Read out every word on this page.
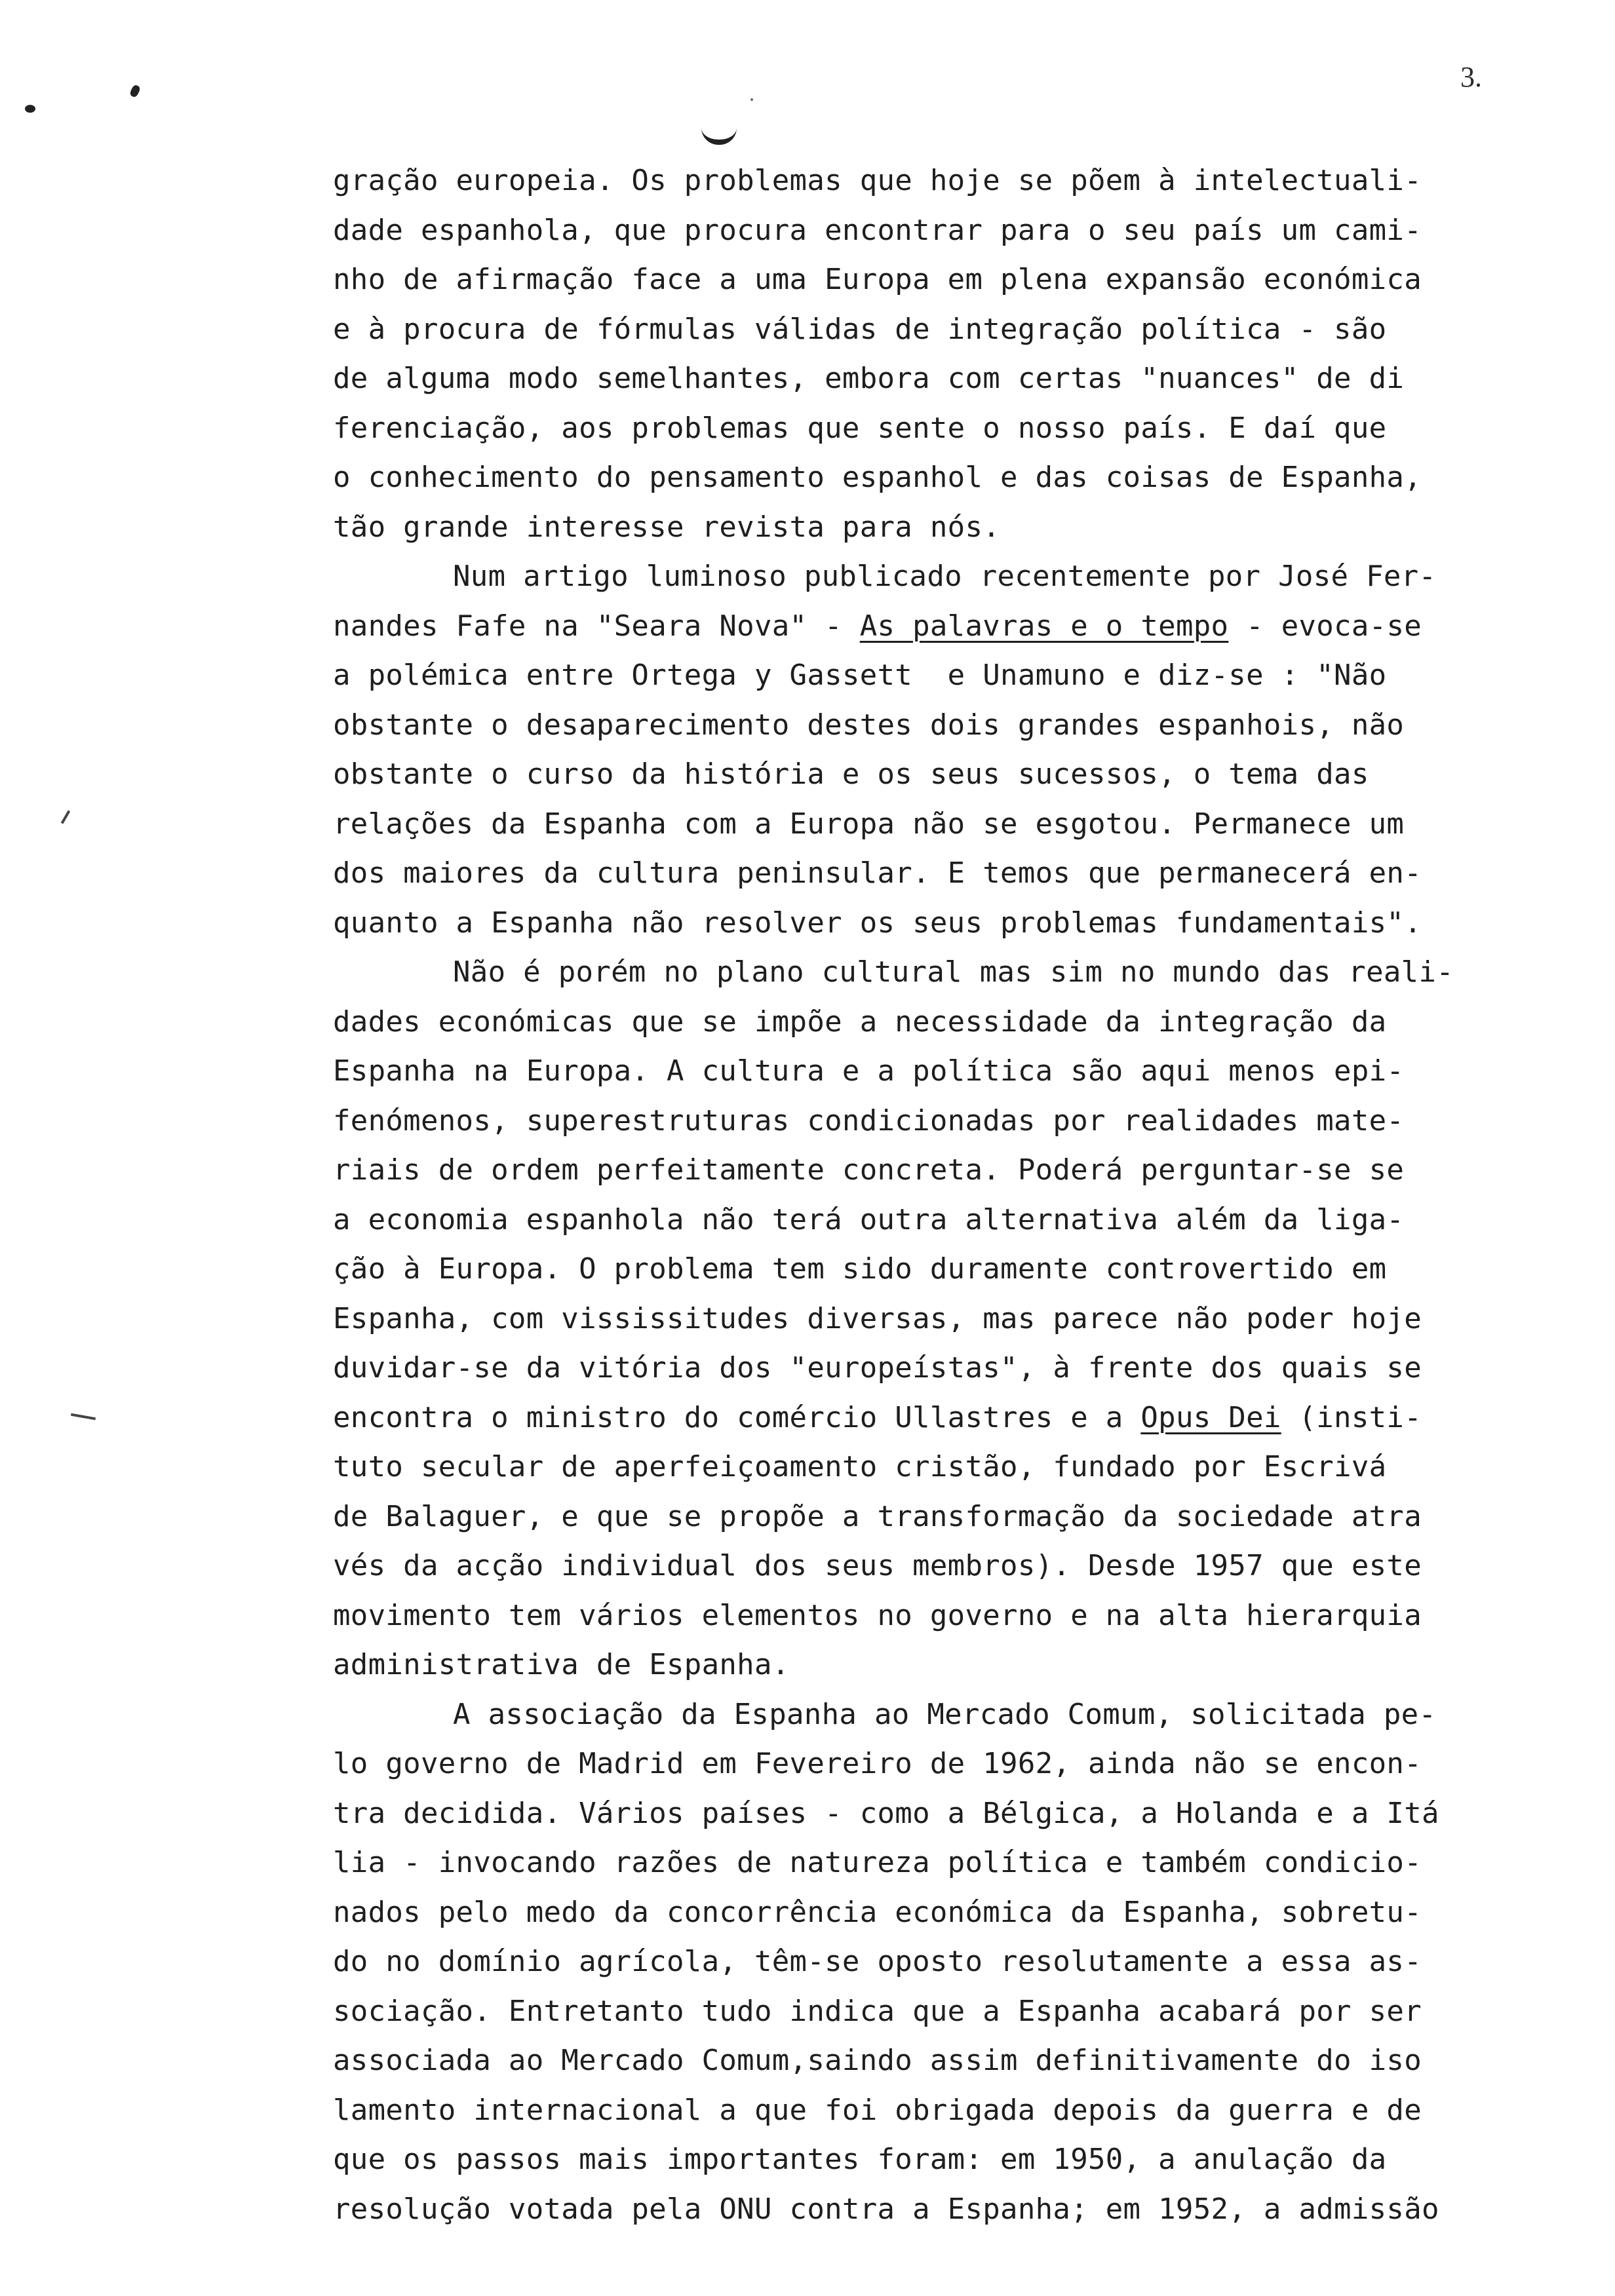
3.
gração europeia. Os problemas que hoje se põem à intelectuali-
dade espanhola, que procura encontrar para o seu país um cami-
nho de afirmação face a uma Europa em plena expansão económica
e à procura de fórmulas válidas de integração política - são
de alguma modo semelhantes, embora com certas "nuances" de di
ferenciação, aos problemas que sente o nosso país. E daí que
o conhecimento do pensamento espanhol e das coisas de Espanha,
tão grande interesse revista para nós.
Num artigo luminoso publicado recentemente por José Fer-
nandes Fafe na "Seara Nova" - As palavras e o tempo - evoca-se
a polémica entre Ortega y Gassett  e Unamuno e diz-se : "Não
obstante o desaparecimento destes dois grandes espanhois, não
obstante o curso da história e os seus sucessos, o tema das
relações da Espanha com a Europa não se esgotou. Permanece um
dos maiores da cultura peninsular. E temos que permanecerá en-
quanto a Espanha não resolver os seus problemas fundamentais".
Não é porém no plano cultural mas sim no mundo das reali-
dades económicas que se impõe a necessidade da integração da
Espanha na Europa. A cultura e a política são aqui menos epi-
fenómenos, superestruturas condicionadas por realidades mate-
riais de ordem perfeitamente concreta. Poderá perguntar-se se
a economia espanhola não terá outra alternativa além da liga-
ção à Europa. O problema tem sido duramente controvertido em
Espanha, com vississitudes diversas, mas parece não poder hoje
duvidar-se da vitória dos "europeístas", à frente dos quais se
encontra o ministro do comércio Ullastres e a Opus Dei (insti-
tuto secular de aperfeiçoamento cristão, fundado por Escrivá
de Balaguer, e que se propõe a transformação da sociedade atra
vés da acção individual dos seus membros). Desde 1957 que este
movimento tem vários elementos no governo e na alta hierarquia
administrativa de Espanha.
A associação da Espanha ao Mercado Comum, solicitada pe-
lo governo de Madrid em Fevereiro de 1962, ainda não se encon-
tra decidida. Vários países - como a Bélgica, a Holanda e a Itá
lia - invocando razões de natureza política e também condicio-
nados pelo medo da concorrência económica da Espanha, sobretu-
do no domínio agrícola, têm-se oposto resolutamente a essa as-
sociação. Entretanto tudo indica que a Espanha acabará por ser
associada ao Mercado Comum,saindo assim definitivamente do iso
lamento internacional a que foi obrigada depois da guerra e de
que os passos mais importantes foram: em 1950, a anulação da
resolução votada pela ONU contra a Espanha; em 1952, a admissão
